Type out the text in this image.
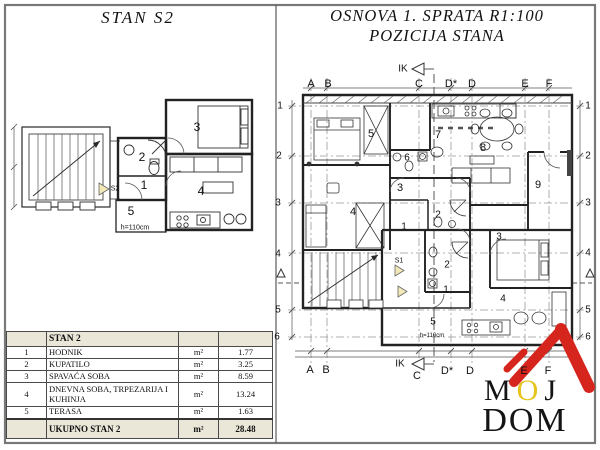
STAN S2	OSNOVA 1. SPRATA R1:100
POZICIJA STANA
3
2
1	4
5
h=110cm
S2
A B	C D* D	E F
IK
A B	C D* D	E F
IK
1
2
3
4
5
6
1
2
3
4
5
6
5	7
8
6
3
4
9
2
1
3
2
1
4
5
h=110cm
S1
	STAN 2		
1	HODNIK	m²	1.77
2	KUPATILO	m²	3.25
3	SPAVAĆA SOBA	m²	8.59
4	DNEVNA SOBA, TRPEZARIJA I KUHINJA	m²	13.24
5	TERASA	m²	1.63
	UKUPNO STAN 2	m²	28.48
MOJ
DOM
